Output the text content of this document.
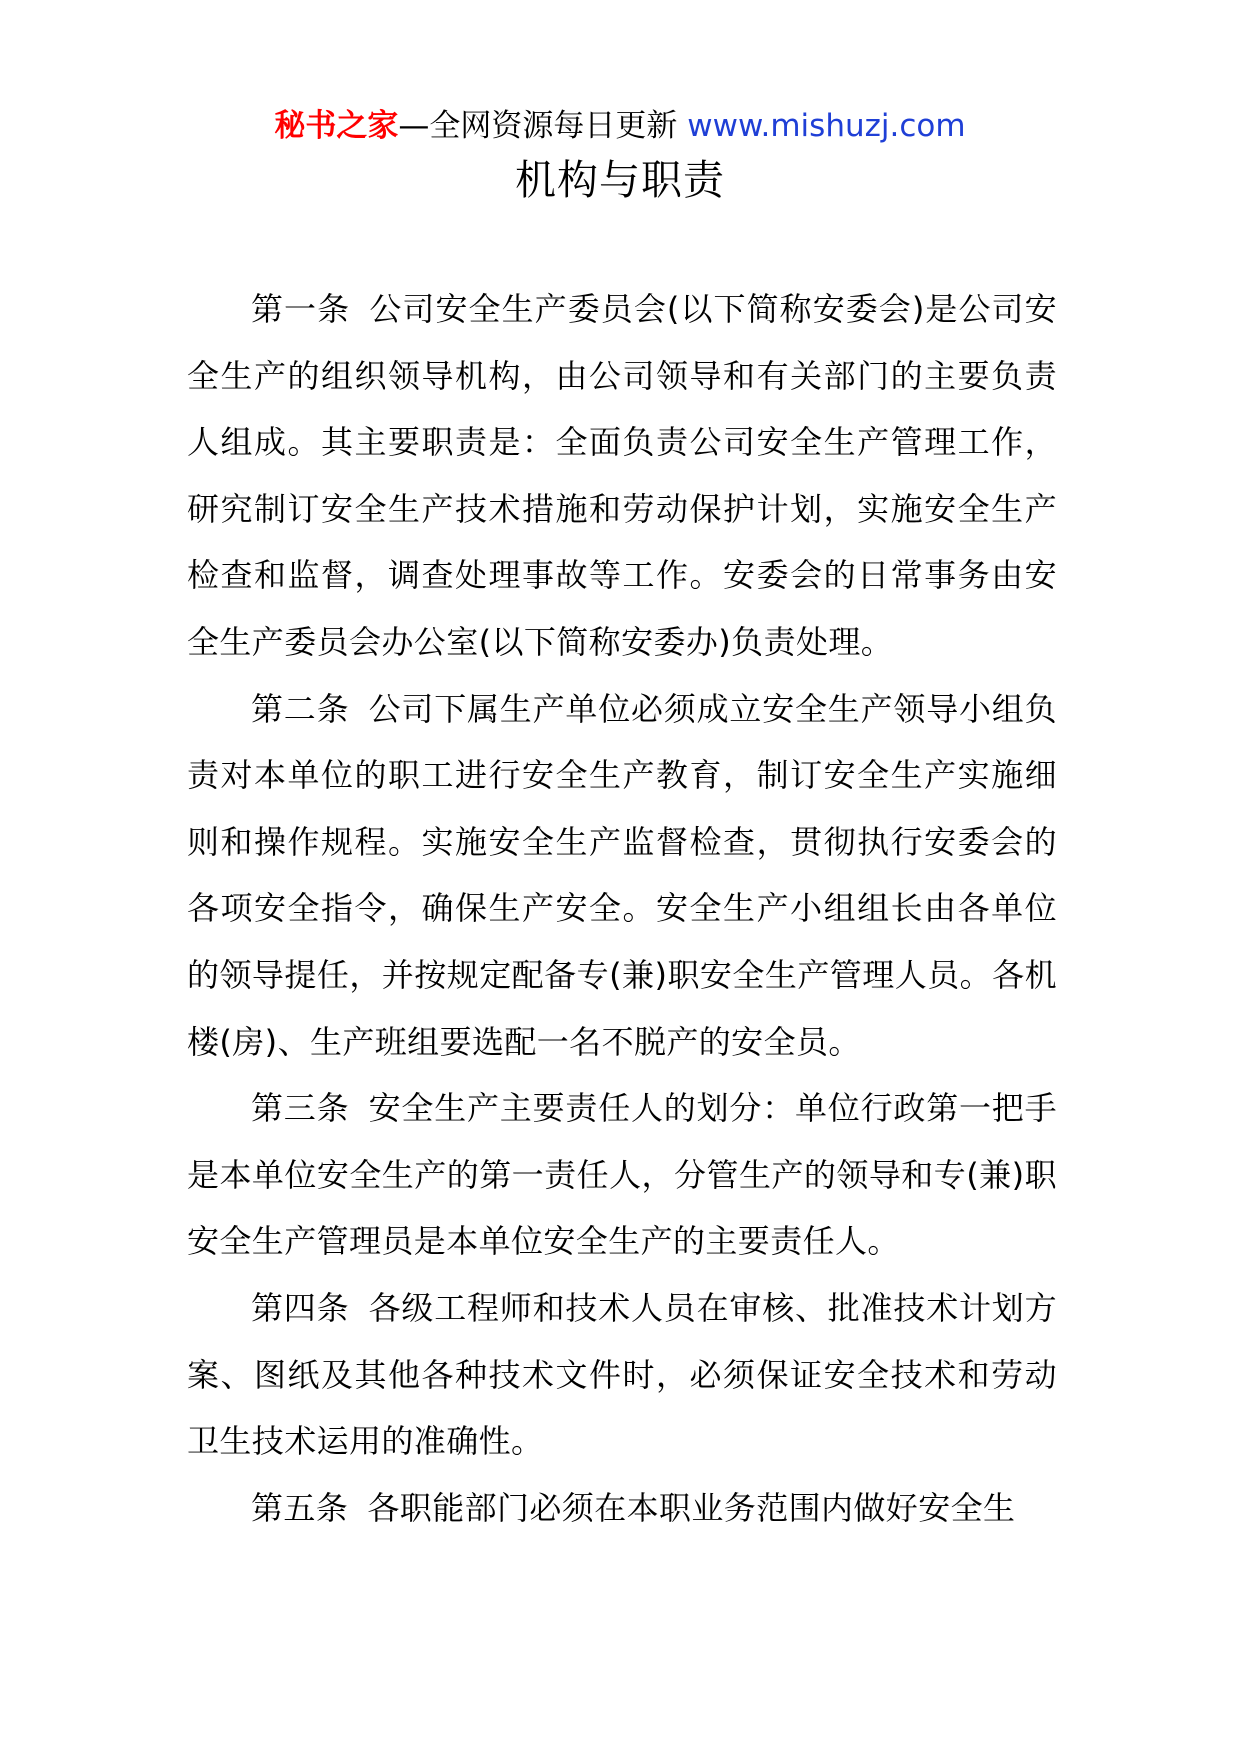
秘书之家—全网资源每日更新 www.mishuzj.com
机构与职责

第一条 公司安全生产委员会(以下简称安委会)是公司安全生产的组织领导机构，由公司领导和有关部门的主要负责人组成。其主要职责是：全面负责公司安全生产管理工作，研究制订安全生产技术措施和劳动保护计划，实施安全生产检查和监督，调查处理事故等工作。安委会的日常事务由安全生产委员会办公室(以下简称安委办)负责处理。

第二条 公司下属生产单位必须成立安全生产领导小组负责对本单位的职工进行安全生产教育，制订安全生产实施细则和操作规程。实施安全生产监督检查，贯彻执行安委会的各项安全指令，确保生产安全。安全生产小组组长由各单位的领导提任，并按规定配备专(兼)职安全生产管理人员。各机楼(房)、生产班组要选配一名不脱产的安全员。

第三条 安全生产主要责任人的划分：单位行政第一把手是本单位安全生产的第一责任人，分管生产的领导和专(兼)职安全生产管理员是本单位安全生产的主要责任人。

第四条 各级工程师和技术人员在审核、批准技术计划方案、图纸及其他各种技术文件时，必须保证安全技术和劳动卫生技术运用的准确性。

第五条 各职能部门必须在本职业务范围内做好安全生
